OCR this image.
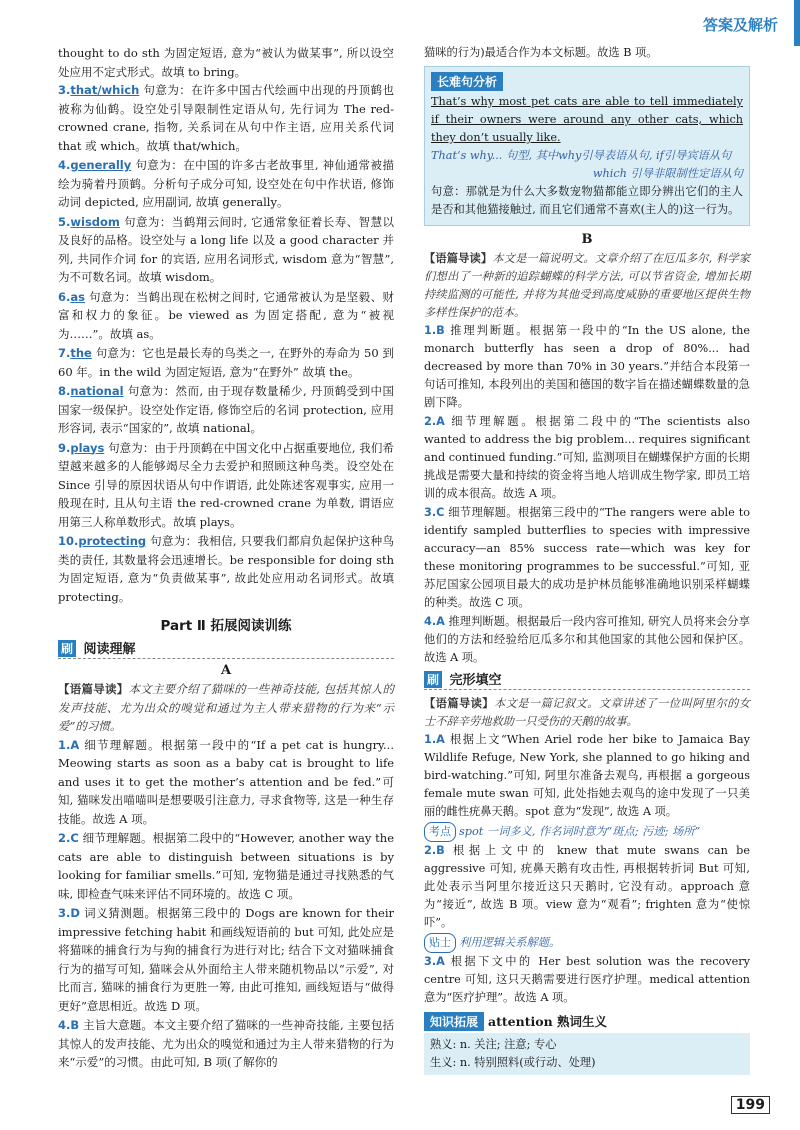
答案及解析

thought to do sth 为固定短语, 意为“被认为做某事”, 所以设空处应用不定式形式。故填 to bring。

3.that/which 句意为：在许多中国古代绘画中出现的丹顶鹤也被称为仙鹤。设空处引导限制性定语从句, 先行词为 The red-crowned crane, 指物, 关系词在从句中作主语, 应用关系代词 that 或 which。故填 that/which。

4.generally 句意为：在中国的许多古老故事里, 神仙通常被描绘为骑着丹顶鹤。分析句子成分可知, 设空处在句中作状语, 修饰动词 depicted, 应用副词, 故填 generally。

5.wisdom 句意为：当鹤翔云间时, 它通常象征着长寿、智慧以及良好的品格。设空处与 a long life 以及 a good character 并列, 共同作介词 for 的宾语, 应用名词形式, wisdom 意为“智慧”, 为不可数名词。故填 wisdom。

6.as 句意为：当鹤出现在松树之间时, 它通常被认为是坚毅、财富和权力的象征。be viewed as 为固定搭配, 意为“被视为……”。故填 as。

7.the 句意为：它也是最长寿的鸟类之一, 在野外的寿命为 50 到 60 年。in the wild 为固定短语, 意为“在野外” 故填 the。

8.national 句意为：然而, 由于现存数量稀少, 丹顶鹤受到中国国家一级保护。设空处作定语, 修饰空后的名词 protection, 应用形容词, 表示“国家的”, 故填 national。

9.plays 句意为：由于丹顶鹤在中国文化中占据重要地位, 我们希望越来越多的人能够竭尽全力去爱护和照顾这种鸟类。设空处在 Since 引导的原因状语从句中作谓语, 此处陈述客观事实, 应用一般现在时, 且从句主语 the red-crowned crane 为单数, 谓语应用第三人称单数形式。故填 plays。

10.protecting 句意为：我相信, 只要我们都肩负起保护这种鸟类的责任, 其数量将会迅速增长。be responsible for doing sth 为固定短语, 意为“负责做某事”, 故此处应用动名词形式。故填 protecting。

Part Ⅱ 拓展阅读训练
刷 阅读理解
A

【语篇导读】本文主要介绍了猫咪的一些神奇技能, 包括其惊人的发声技能、尤为出众的嗅觉和通过为主人带来猎物的行为来“示爱”的习惯。

1.A 细节理解题。根据第一段中的“If a pet cat is hungry... Meowing starts as soon as a baby cat is brought to life and uses it to get the mother’s attention and be fed.”可知, 猫咪发出喵喵叫是想要吸引注意力, 寻求食物等, 这是一种生存技能。故选 A 项。

2.C 细节理解题。根据第二段中的“However, another way the cats are able to distinguish between situations is by looking for familiar smells.”可知, 宠物猫是通过寻找熟悉的气味, 即检查气味来评估不同环境的。故选 C 项。

3.D 词义猜测题。根据第三段中的 Dogs are known for their impressive fetching habit 和画线短语前的 but 可知, 此处应是将猫咪的捕食行为与狗的捕食行为进行对比; 结合下文对猫咪捕食行为的描写可知, 猫咪会从外面给主人带来随机物品以“示爱”, 对比而言, 猫咪的捕食行为更胜一筹, 由此可推知, 画线短语与“做得更好”意思相近。故选 D 项。

4.B 主旨大意题。本文主要介绍了猫咪的一些神奇技能, 主要包括其惊人的发声技能、尤为出众的嗅觉和通过为主人带来猎物的行为来“示爱”的习惯。由此可知, B 项(了解你的

猫咪的行为)最适合作为本文标题。故选 B 项。

长难句分析

That’s why most pet cats are able to tell immediately if their owners were around any other cats, which they don’t usually like.

That’s why... 句型, 其中why引导表语从句, if引导宾语从句

which 引导非限制性定语从句

句意：那就是为什么大多数宠物猫都能立即分辨出它们的主人是否和其他猫接触过, 而且它们通常不喜欢(主人的)这一行为。

B

【语篇导读】本文是一篇说明文。文章介绍了在厄瓜多尔, 科学家们想出了一种新的追踪蝴蝶的科学方法, 可以节省资金, 增加长期持续监测的可能性, 并将为其他受到高度威胁的重要地区提供生物多样性保护的范本。

1.B 推理判断题。根据第一段中的“In the US alone, the monarch butterfly has seen a drop of 80%... had decreased by more than 70% in 30 years.”并结合本段第一句话可推知, 本段列出的美国和德国的数字旨在描述蝴蝶数量的急剧下降。

2.A 细节理解题。根据第二段中的“The scientists also wanted to address the big problem... requires significant and continued funding.”可知, 监测项目在蝴蝶保护方面的长期挑战是需要大量和持续的资金将当地人培训成生物学家, 即员工培训的成本很高。故选 A 项。

3.C 细节理解题。根据第三段中的“The rangers were able to identify sampled butterflies to species with impressive accuracy—an 85% success rate—which was key for these monitoring programmes to be successful.”可知, 亚苏尼国家公园项目最大的成功是护林员能够准确地识别采样蝴蝶的种类。故选 C 项。

4.A 推理判断题。根据最后一段内容可推知, 研究人员将来会分享他们的方法和经验给厄瓜多尔和其他国家的其他公园和保护区。故选 A 项。

刷 完形填空

【语篇导读】本文是一篇记叙文。文章讲述了一位叫阿里尔的女士不辞辛劳地救助一只受伤的天鹅的故事。

1.A 根据上文“When Ariel rode her bike to Jamaica Bay Wildlife Refuge, New York, she planned to go hiking and bird-watching.”可知, 阿里尔准备去观鸟, 再根据 a gorgeous female mute swan 可知, 此处指她去观鸟的途中发现了一只美丽的雌性疣鼻天鹅。spot 意为“发现”, 故选 A 项。

考点 spot 一词多义, 作名词时意为“斑点; 污迹; 场所”

2.B 根据上文中的 knew that mute swans can be aggressive 可知, 疣鼻天鹅有攻击性, 再根据转折词 But 可知, 此处表示当阿里尔接近这只天鹅时, 它没有动。approach 意为“接近”, 故选 B 项。view 意为“观看”; frighten 意为“使惊吓”。

贴士 利用逻辑关系解题。

3.A 根据下文中的 Her best solution was the recovery centre 可知, 这只天鹅需要进行医疗护理。medical attention 意为“医疗护理”。故选 A 项。

知识拓展 attention 熟词生义

熟义: n. 关注; 注意; 专心

生义: n. 特别照料(或行动、处理)

199
